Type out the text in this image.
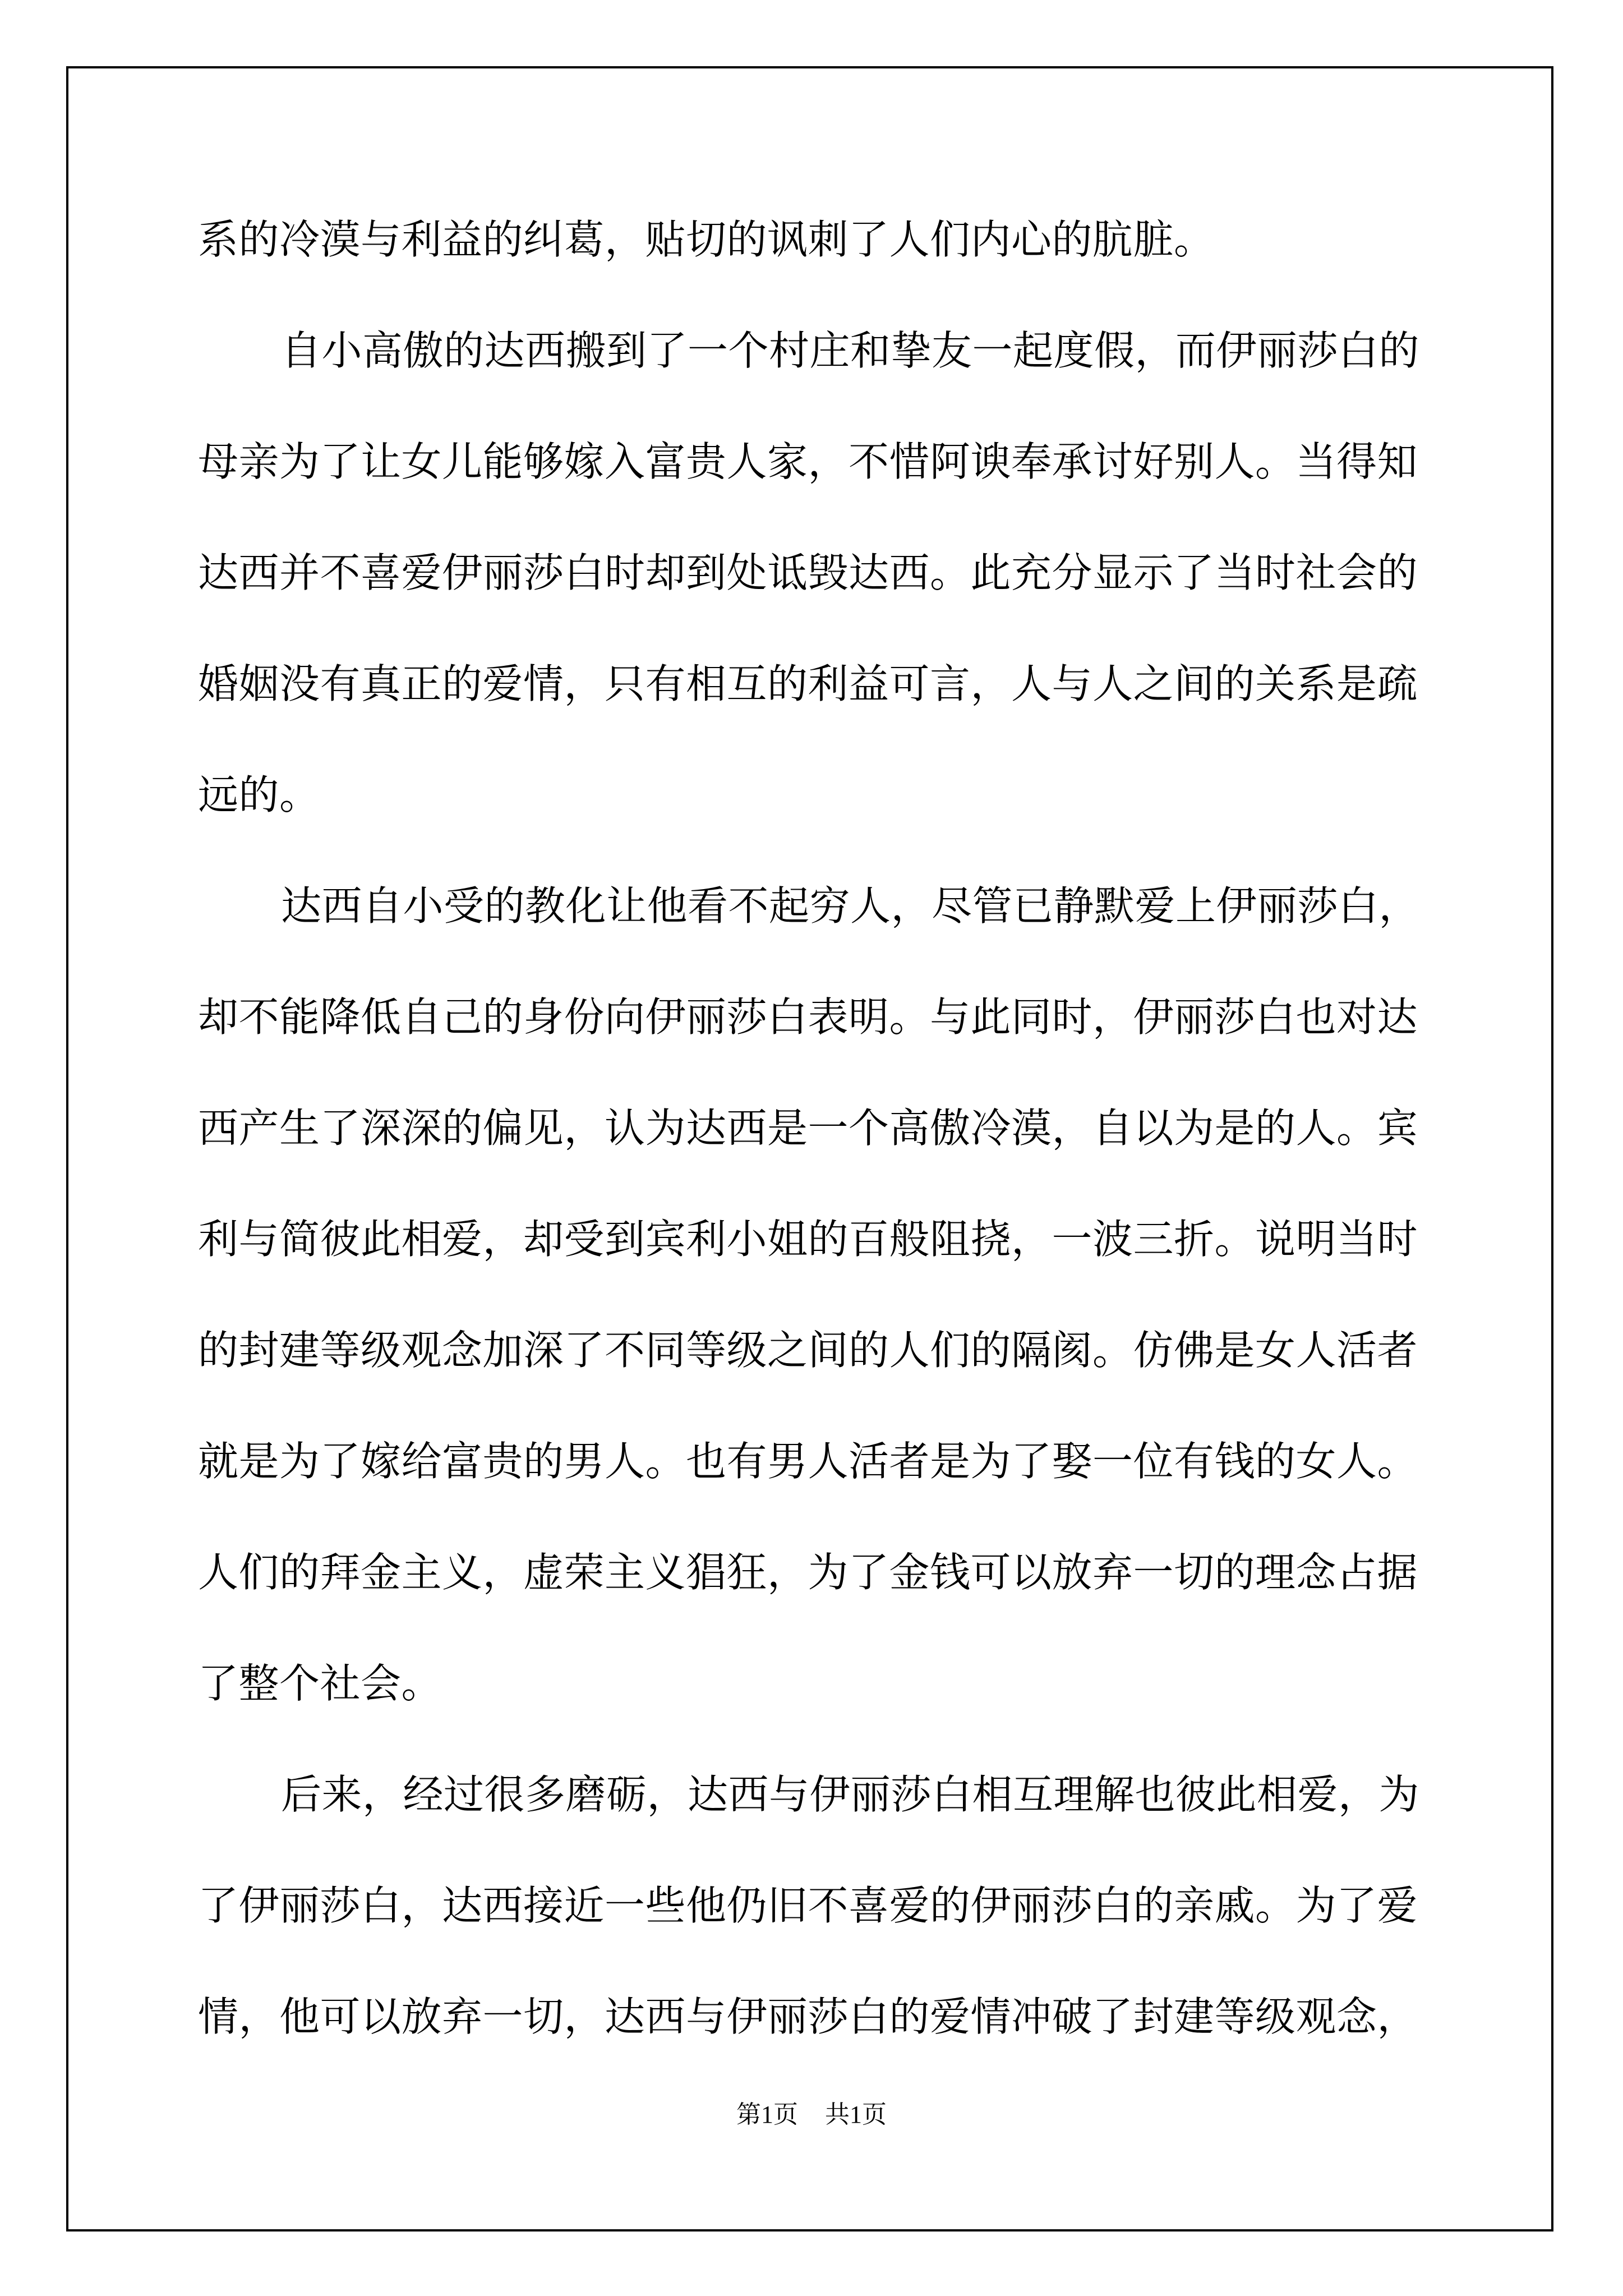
系的冷漠与利益的纠葛，贴切的讽刺了人们内心的肮脏。
自小高傲的达西搬到了一个村庄和挚友一起度假，而伊丽莎白的
母亲为了让女儿能够嫁入富贵人家，不惜阿谀奉承讨好别人。当得知
达西并不喜爱伊丽莎白时却到处诋毁达西。此充分显示了当时社会的
婚姻没有真正的爱情，只有相互的利益可言，人与人之间的关系是疏
远的。
达西自小受的教化让他看不起穷人，尽管已静默爱上伊丽莎白，
却不能降低自己的身份向伊丽莎白表明。与此同时，伊丽莎白也对达
西产生了深深的偏见，认为达西是一个高傲冷漠，自以为是的人。宾
利与简彼此相爱，却受到宾利小姐的百般阻挠，一波三折。说明当时
的封建等级观念加深了不同等级之间的人们的隔阂。仿佛是女人活者
就是为了嫁给富贵的男人。也有男人活者是为了娶一位有钱的女人。
人们的拜金主义，虚荣主义猖狂，为了金钱可以放弃一切的理念占据
了整个社会。
后来，经过很多磨砺，达西与伊丽莎白相互理解也彼此相爱，为
了伊丽莎白，达西接近一些他仍旧不喜爱的伊丽莎白的亲戚。为了爱
情，他可以放弃一切，达西与伊丽莎白的爱情冲破了封建等级观念，
第1页 共1页
